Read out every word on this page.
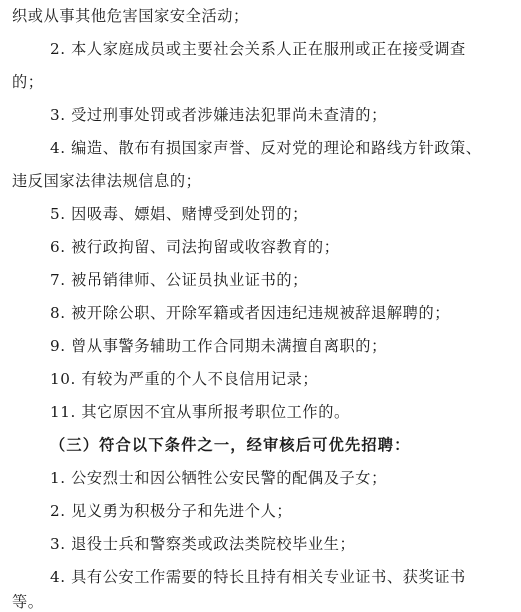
织或从事其他危害国家安全活动；
2. 本人家庭成员或主要社会关系人正在服刑或正在接受调查
的；
3. 受过刑事处罚或者涉嫌违法犯罪尚未查清的；
4. 编造、散布有损国家声誉、反对党的理论和路线方针政策、
违反国家法律法规信息的；
5. 因吸毒、嫖娼、赌博受到处罚的；
6. 被行政拘留、司法拘留或收容教育的；
7. 被吊销律师、公证员执业证书的；
8. 被开除公职、开除军籍或者因违纪违规被辞退解聘的；
9. 曾从事警务辅助工作合同期未满擅自离职的；
10. 有较为严重的个人不良信用记录；
11. 其它原因不宜从事所报考职位工作的。
（三）符合以下条件之一，经审核后可优先招聘：
1. 公安烈士和因公牺牲公安民警的配偶及子女；
2. 见义勇为积极分子和先进个人；
3. 退役士兵和警察类或政法类院校毕业生；
4. 具有公安工作需要的特长且持有相关专业证书、获奖证书
等。
